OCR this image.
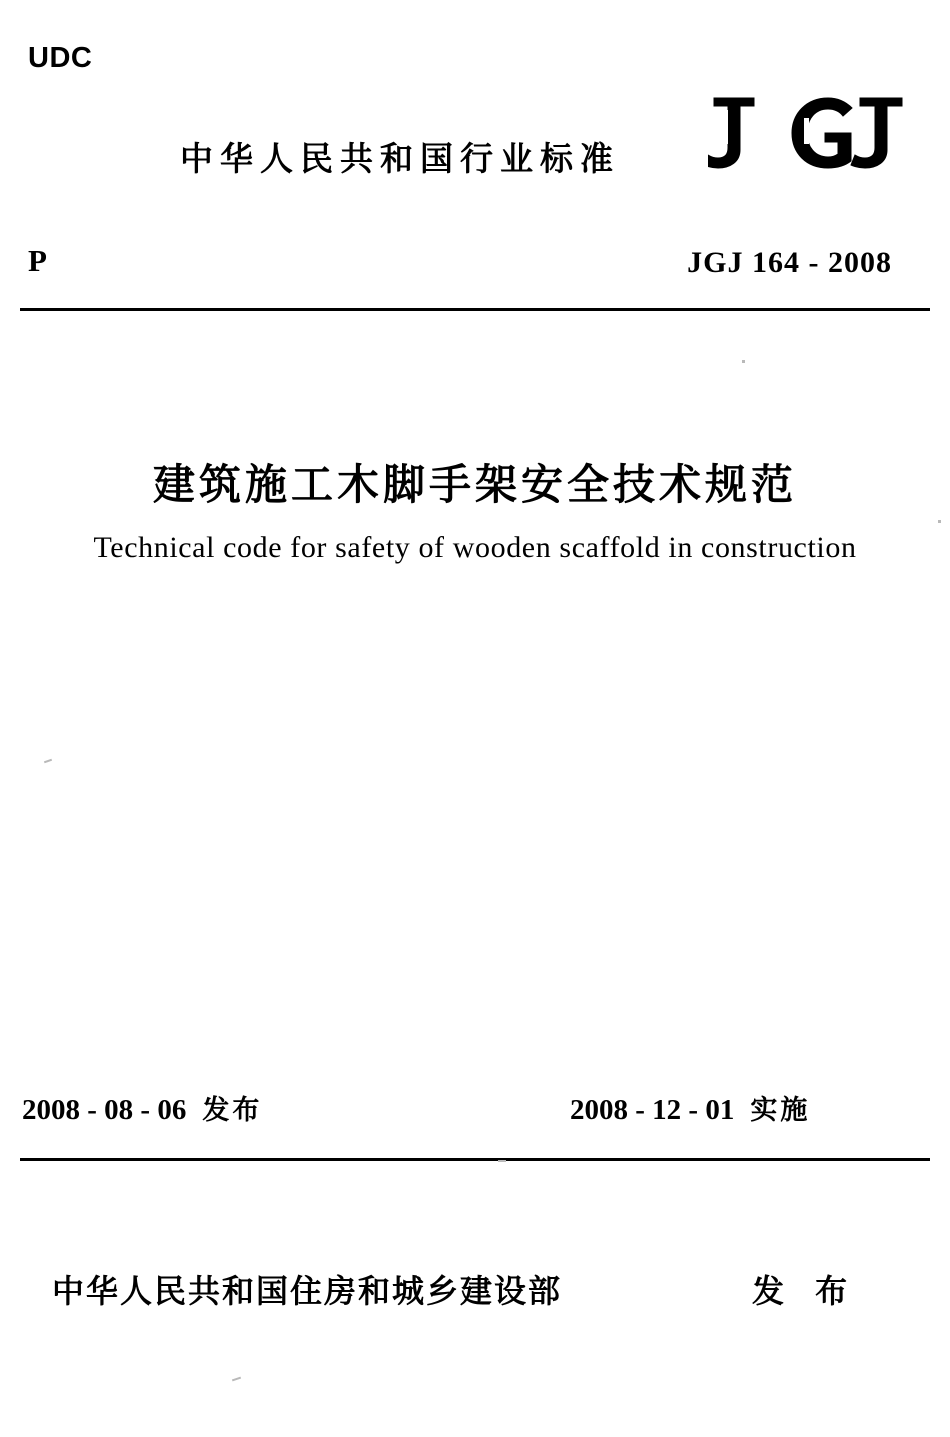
UDC
中华人民共和国行业标准
P	JGJ 164 - 2008
建筑施工木脚手架安全技术规范
Technical code for safety of wooden scaffold in construction
2008 - 08 - 06 发布	2008 - 12 - 01 实施
中华人民共和国住房和城乡建设部	发 布
